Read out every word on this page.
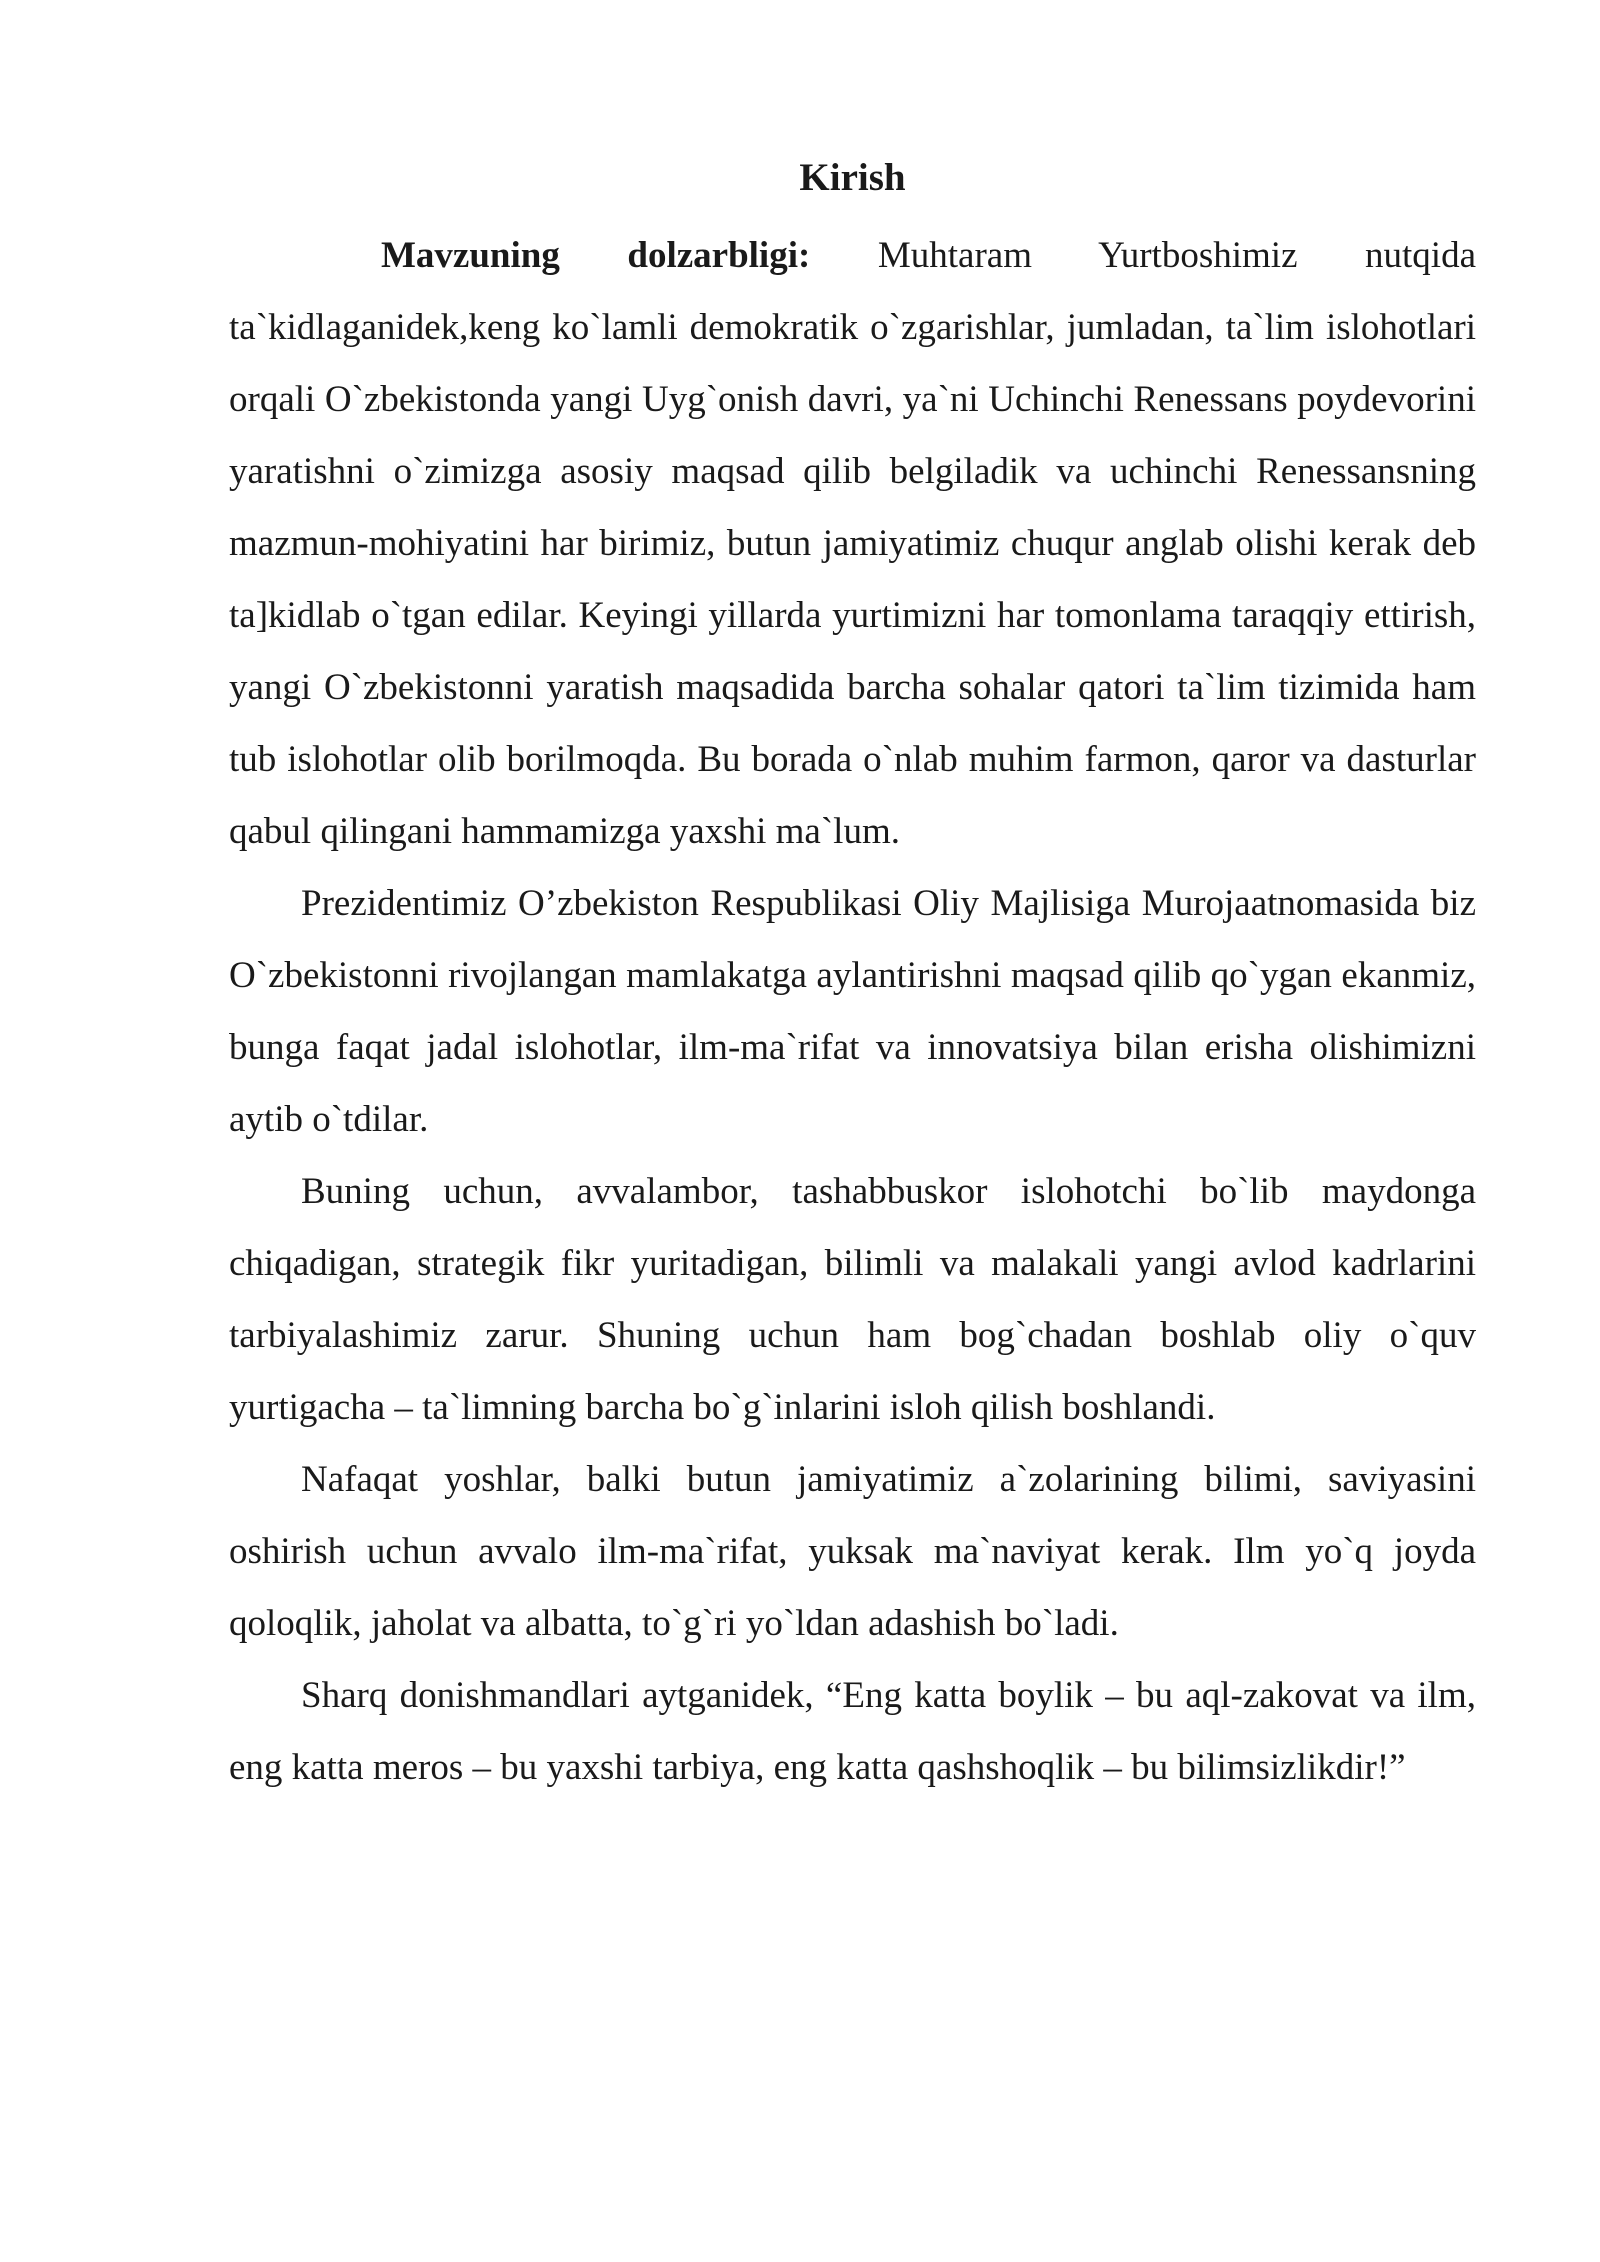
Kirish

Mavzuning dolzarbligi: Muhtaram Yurtboshimiz nutqida ta`kidlaganidek,keng ko`lamli demokratik o`zgarishlar, jumladan, ta`lim islohotlari orqali O`zbekistonda yangi Uyg`onish davri, ya`ni Uchinchi Renessans poydevorini yaratishni o`zimizga asosiy maqsad qilib belgiladik va uchinchi Renessansning mazmun-mohiyatini har birimiz, butun jamiyatimiz chuqur anglab olishi kerak deb ta]kidlab o`tgan edilar. Keyingi yillarda yurtimizni har tomonlama taraqqiy ettirish, yangi O`zbekistonni yaratish maqsadida barcha sohalar qatori ta`lim tizimida ham tub islohotlar olib borilmoqda. Bu borada o`nlab muhim farmon, qaror va dasturlar qabul qilingani hammamizga yaxshi ma`lum.

Prezidentimiz O’zbekiston Respublikasi Oliy Majlisiga Murojaatnomasida biz O`zbekistonni rivojlangan mamlakatga aylantirishni maqsad qilib qo`ygan ekanmiz, bunga faqat jadal islohotlar, ilm-ma`rifat va innovatsiya bilan erisha olishimizni aytib o`tdilar.

Buning uchun, avvalambor, tashabbuskor islohotchi bo`lib maydonga chiqadigan, strategik fikr yuritadigan, bilimli va malakali yangi avlod kadrlarini tarbiyalashimiz zarur. Shuning uchun ham bog`chadan boshlab oliy o`quv yurtigacha – ta`limning barcha bo`g`inlarini isloh qilish boshlandi.

Nafaqat yoshlar, balki butun jamiyatimiz a`zolarining bilimi, saviyasini oshirish uchun avvalo ilm-ma`rifat, yuksak ma`naviyat kerak. Ilm yo`q joyda qoloqlik, jaholat va albatta, to`g`ri yo`ldan adashish bo`ladi.

Sharq donishmandlari aytganidek, “Eng katta boylik – bu aql-zakovat va ilm, eng katta meros – bu yaxshi tarbiya, eng katta qashshoqlik – bu bilimsizlikdir!”
